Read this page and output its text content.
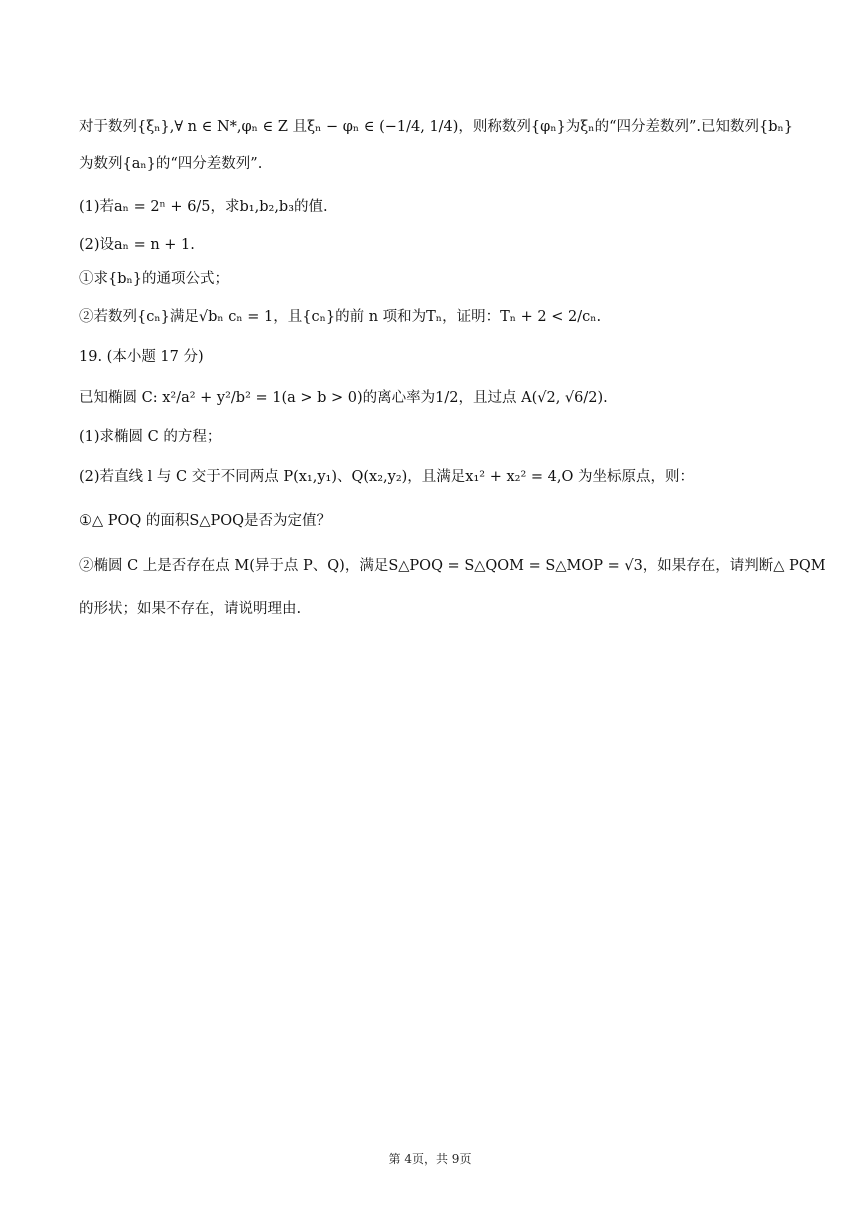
对于数列{ξₙ},∀ n ∈ N*,φₙ ∈ Z 且ξₙ − φₙ ∈ (−1/4, 1/4)，则称数列{φₙ}为ξₙ的“四分差数列”.已知数列{bₙ}
为数列{aₙ}的“四分差数列”.
(1)若aₙ = 2ⁿ + 6/5，求b₁,b₂,b₃的值.
(2)设aₙ = n + 1.
①求{bₙ}的通项公式；
②若数列{cₙ}满足√bₙ cₙ = 1，且{cₙ}的前 n 项和为Tₙ，证明：Tₙ + 2 < 2/cₙ.
19. (本小题 17 分)
已知椭圆 C: x²/a² + y²/b² = 1(a > b > 0)的离心率为1/2，且过点 A(√2, √6/2).
(1)求椭圆 C 的方程；
(2)若直线 l 与 C 交于不同两点 P(x₁,y₁)、Q(x₂,y₂)，且满足x₁² + x₂² = 4,O 为坐标原点，则：
①△ POQ 的面积S△POQ是否为定值？
②椭圆 C 上是否存在点 M(异于点 P、Q)，满足S△POQ = S△QOM = S△MOP = √3，如果存在，请判断△ PQM
的形状；如果不存在，请说明理由.
第 4页，共 9页
